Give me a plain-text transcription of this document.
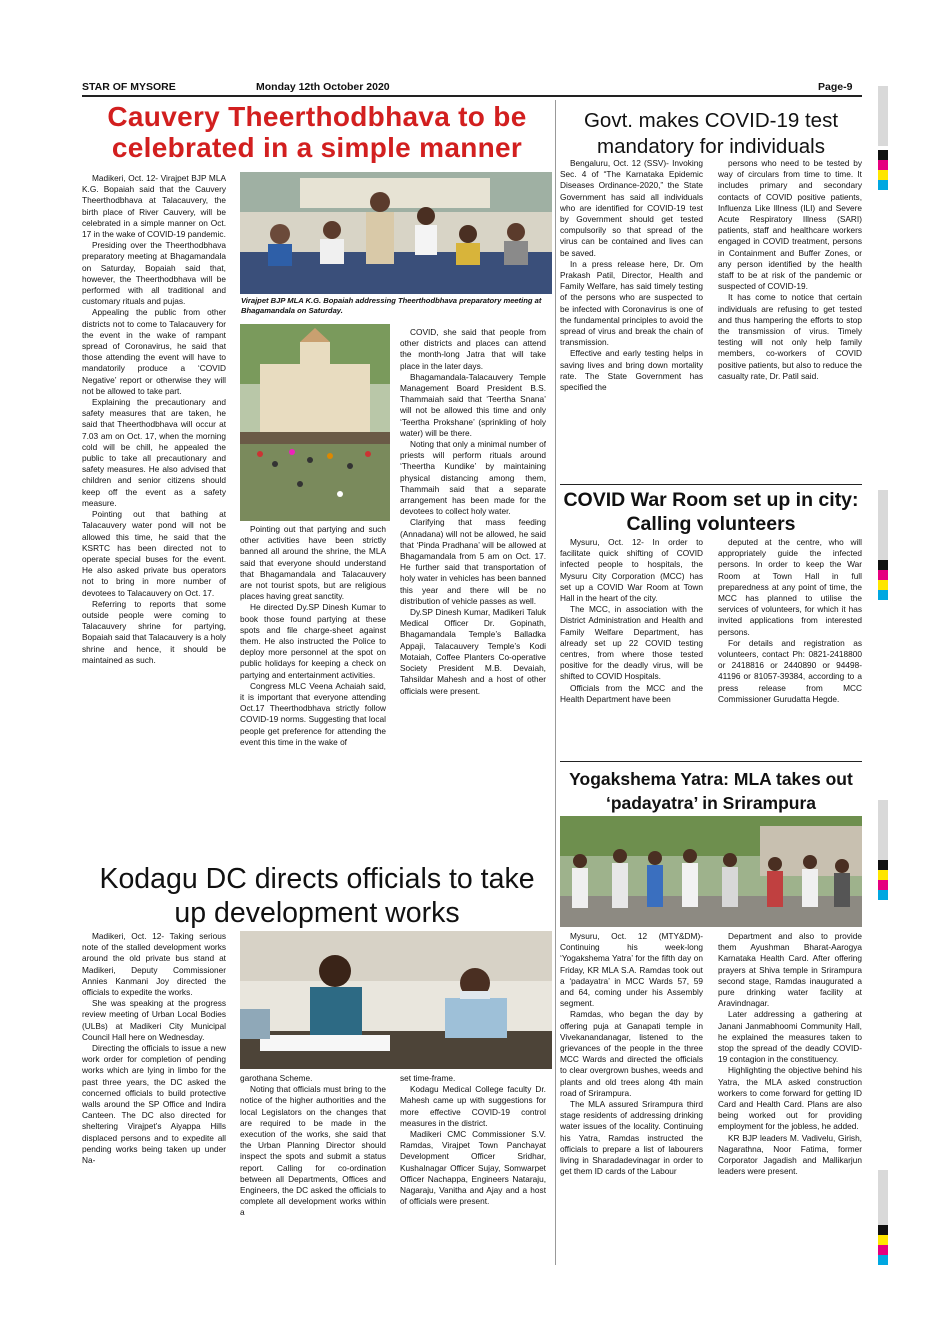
STAR OF MYSORE	Monday 12th October 2020	Page-9
Cauvery Theerthodbhava to be celebrated in a simple manner
Virajpet BJP MLA K.G. Bopaiah addressing Theerthodbhava preparatory meeting at Bhagamandala on Saturday.

Madikeri, Oct. 12- Virajpet BJP MLA K.G. Bopaiah said that the Cauvery Theerthodbhava at Talacauvery, the birth place of River Cauvery, will be celebrated in a simple manner on Oct. 17 in the wake of COVID-19 pandemic.

Presiding over the Theerthodbhava preparatory meeting at Bhagamandala on Saturday, Bopaiah said that, however, the Theerthodbhava will be performed with all traditional and customary rituals and pujas.

Appealing the public from other districts not to come to Talacauvery for the event in the wake of rampant spread of Coronavirus, he said that those attending the event will have to mandatorily produce a ‘COVID Negative’ report or otherwise they will not be allowed to take part.

Explaining the precautionary and safety measures that are taken, he said that Theerthodbhava will occur at 7.03 am on Oct. 17, when the morning cold will be chill, he appealed the public to take all precautionary and safety measures. He also advised that children and senior citizens should keep off the event as a safety measure.

Pointing out that bathing at Talacauvery water pond will not be allowed this time, he said that the KSRTC has been directed not to operate special buses for the event. He also asked private bus operators not to bring in more number of devotees to Talacauvery on Oct. 17.

Referring to reports that some outside people were coming to Talacauvery shrine for partying, Bopaiah said that Talacauvery is a holy shrine and hence, it should be maintained as such.

Pointing out that partying and such other activities have been strictly banned all around the shrine, the MLA said that everyone should understand that Bhagamandala and Talacauvery are not tourist spots, but are religious places having great sanctity.

He directed Dy.SP Dinesh Kumar to book those found partying at these spots and file charge-sheet against them. He also instructed the Police to deploy more personnel at the spot on public holidays for keeping a check on partying and entertainment activities.

Congress MLC Veena Achaiah said, it is important that everyone attending Oct.17 Theerthodbhava strictly follow COVID-19 norms. Suggesting that local people get preference for attending the event this time in the wake of

COVID, she said that people from other districts and places can attend the month-long Jatra that will take place in the later days.

Bhagamandala-Talacauvery Temple Management Board President B.S. Thammaiah said that ‘Teertha Snana’ will not be allowed this time and only ‘Teertha Prokshane’ (sprinkling of holy water) will be there.

Noting that only a minimal number of priests will perform rituals around ‘Theertha Kundike’ by maintaining physical distancing among them, Thammaih said that a separate arrangement has been made for the devotees to collect holy water.

Clarifying that mass feeding (Annadana) will not be allowed, he said that ‘Pinda Pradhana’ will be allowed at Bhagamandala from 5 am on Oct. 17. He further said that transportation of holy water in vehicles has been banned this year and there will be no distribution of vehicle passes as well.

Dy.SP Dinesh Kumar, Madikeri Taluk Medical Officer Dr. Gopinath, Bhagamandala Temple’s Balladka Appaji, Talacauvery Temple’s Kodi Motaiah, Coffee Planters Co-operative Society President M.B. Devaiah, Tahsildar Mahesh and a host of other officials were present.

Govt. makes COVID-19 test mandatory for individuals

Bengaluru, Oct. 12 (SSV)- Invoking Sec. 4 of “The Karnataka Epidemic Diseases Ordinance-2020,” the State Government has said all individuals who are identified for COVID-19 test by Government should get tested compulsorily so that spread of the virus can be contained and lives can be saved.

In a press release here, Dr. Om Prakash Patil, Director, Health and Family Welfare, has said timely testing of the persons who are suspected to be infected with Coronavirus is one of the fundamental principles to avoid the spread of virus and break the chain of transmission.

Effective and early testing helps in saving lives and bring down mortality rate. The State Government has specified the

persons who need to be tested by way of circulars from time to time. It includes primary and secondary contacts of COVID positive patients, Influenza Like Illness (ILI) and Severe Acute Respiratory Illness (SARI) patients, staff and healthcare workers engaged in COVID treatment, persons in Containment and Buffer Zones, or any person identified by the health staff to be at risk of the pandemic or suspected of COVID-19.

It has come to notice that certain individuals are refusing to get tested and thus hampering the efforts to stop the transmission of virus. Timely testing will not only help family members, co-workers of COVID positive patients, but also to reduce the casualty rate, Dr. Patil said.

COVID War Room set up in city: Calling volunteers

Mysuru, Oct. 12- In order to facilitate quick shifting of COVID infected people to hospitals, the Mysuru City Corporation (MCC) has set up a COVID War Room at Town Hall in the heart of the city.

The MCC, in association with the District Administration and Health and Family Welfare Department, has already set up 22 COVID testing centres, from where those tested positive for the deadly virus, will be shifted to COVID Hospitals.

Officials from the MCC and the Health Department have been

deputed at the centre, who will appropriately guide the infected persons. In order to keep the War Room at Town Hall in full preparedness at any point of time, the MCC has planned to utilise the services of volunteers, for which it has invited applications from interested persons.

For details and registration as volunteers, contact Ph: 0821-2418800 or 2418816 or 2440890 or 94498-41196 or 81057-39384, according to a press release from MCC Commissioner Gurudatta Hegde.

Yogakshema Yatra: MLA takes out ‘padayatra’ in Srirampura

Mysuru, Oct. 12 (MTY&DM)- Continuing his week-long ‘Yogakshema Yatra’ for the fifth day on Friday, KR MLA S.A. Ramdas took out a ‘padayatra’ in MCC Wards 57, 59 and 64, coming under his Assembly segment.

Ramdas, who began the day by offering puja at Ganapati temple in Vivekanandanagar, listened to the grievances of the people in the three MCC Wards and directed the officials to clear overgrown bushes, weeds and plants and old trees along 4th main road of Srirampura.

The MLA assured Srirampura third stage residents of addressing drinking water issues of the locality. Continuing his Yatra, Ramdas instructed the officials to prepare a list of labourers living in Sharadadevinagar in order to get them ID cards of the Labour

Department and also to provide them Ayushman Bharat-Aarogya Karnataka Health Card. After offering prayers at Shiva temple in Srirampura second stage, Ramdas inaugurated a pure drinking water facility at Aravindnagar.

Later addressing a gathering at Janani Janmabhoomi Community Hall, he explained the measures taken to stop the spread of the deadly COVID-19 contagion in the constituency.

Highlighting the objective behind his Yatra, the MLA asked construction workers to come forward for getting ID Card and Health Card. Plans are also being worked out for providing employment for the jobless, he added.

KR BJP leaders M. Vadivelu, Girish, Nagarathna, Noor Fatima, former Corporator Jagadish and Mallikarjun leaders were present.

Kodagu DC directs officials to take up development works

Madikeri, Oct. 12- Taking serious note of the stalled development works around the old private bus stand at Madikeri, Deputy Commissioner Annies Kanmani Joy directed the officials to expedite the works.

She was speaking at the progress review meeting of Urban Local Bodies (ULBs) at Madikeri City Municipal Council Hall here on Wednesday.

Directing the officials to issue a new work order for completion of pending works which are lying in limbo for the past three years, the DC asked the concerned officials to build protective walls around the SP Office and Indira Canteen. The DC also directed for sheltering Virajpet’s Aiyappa Hills displaced persons and to expedite all pending works being taken up under Na-

garothana Scheme.

Noting that officials must bring to the notice of the higher authorities and the local Legislators on the changes that are required to be made in the execution of the works, she said that the Urban Planning Director should inspect the spots and submit a status report. Calling for co-ordination between all Departments, Offices and Engineers, the DC asked the officials to complete all development works within a

set time-frame.

Kodagu Medical College faculty Dr. Mahesh came up with suggestions for more effective COVID-19 control measures in the district.

Madikeri CMC Commissioner S.V. Ramdas, Virajpet Town Panchayat Development Officer Sridhar, Kushalnagar Officer Sujay, Somwarpet Officer Nachappa, Engineers Nataraju, Nagaraju, Vanitha and Ajay and a host of officials were present.
